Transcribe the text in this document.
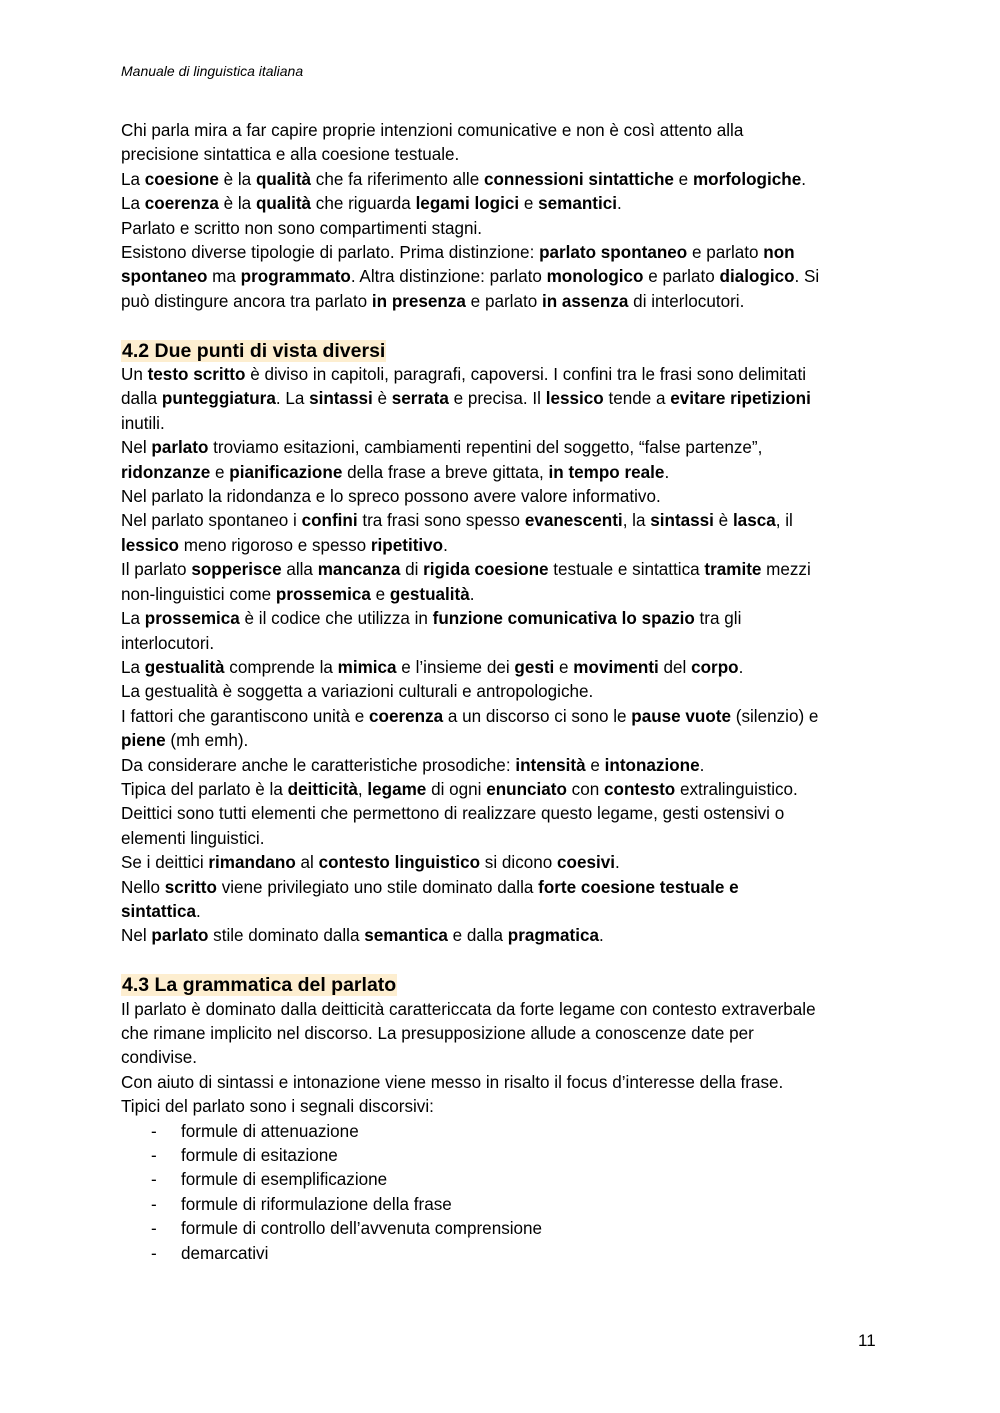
Manuale di linguistica italiana
Chi parla mira a far capire proprie intenzioni comunicative e non è così attento alla
precisione sintattica e alla coesione testuale.
La coesione è la qualità che fa riferimento alle connessioni sintattiche e morfologiche.
La coerenza è la qualità che riguarda legami logici e semantici.
Parlato e scritto non sono compartimenti stagni.
Esistono diverse tipologie di parlato. Prima distinzione: parlato spontaneo e parlato non
spontaneo ma programmato. Altra distinzione: parlato monologico e parlato dialogico. Si
può distingure ancora tra parlato in presenza e parlato in assenza di interlocutori.
4.2 Due punti di vista diversi
Un testo scritto è diviso in capitoli, paragrafi, capoversi. I confini tra le frasi sono delimitati
dalla punteggiatura. La sintassi è serrata e precisa. Il lessico tende a evitare ripetizioni
inutili.
Nel parlato troviamo esitazioni, cambiamenti repentini del soggetto, “false partenze”,
ridonzanze e pianificazione della frase a breve gittata, in tempo reale.
Nel parlato la ridondanza e lo spreco possono avere valore informativo.
Nel parlato spontaneo i confini tra frasi sono spesso evanescenti, la sintassi è lasca, il
lessico meno rigoroso e spesso ripetitivo.
Il parlato sopperisce alla mancanza di rigida coesione testuale e sintattica tramite mezzi
non-linguistici come prossemica e gestualità.
La prossemica è il codice che utilizza in funzione comunicativa lo spazio tra gli
interlocutori.
La gestualità comprende la mimica e l’insieme dei gesti e movimenti del corpo.
La gestualità è soggetta a variazioni culturali e antropologiche.
I fattori che garantiscono unità e coerenza a un discorso ci sono le pause vuote (silenzio) e
piene (mh emh).
Da considerare anche le caratteristiche prosodiche: intensità e intonazione.
Tipica del parlato è la deitticità, legame di ogni enunciato con contesto extralinguistico.
Deittici sono tutti elementi che permettono di realizzare questo legame, gesti ostensivi o
elementi linguistici.
Se i deittici rimandano al contesto linguistico si dicono coesivi.
Nello scritto viene privilegiato uno stile dominato dalla forte coesione testuale e
sintattica.
Nel parlato stile dominato dalla semantica e dalla pragmatica.
4.3 La grammatica del parlato
Il parlato è dominato dalla deitticità carattericcata da forte legame con contesto extraverbale
che rimane implicito nel discorso. La presupposizione allude a conoscenze date per
condivise.
Con aiuto di sintassi e intonazione viene messo in risalto il focus d’interesse della frase.
Tipici del parlato sono i segnali discorsivi:
- formule di attenuazione
- formule di esitazione
- formule di esemplificazione
- formule di riformulazione della frase
- formule di controllo dell’avvenuta comprensione
- demarcativi
11
